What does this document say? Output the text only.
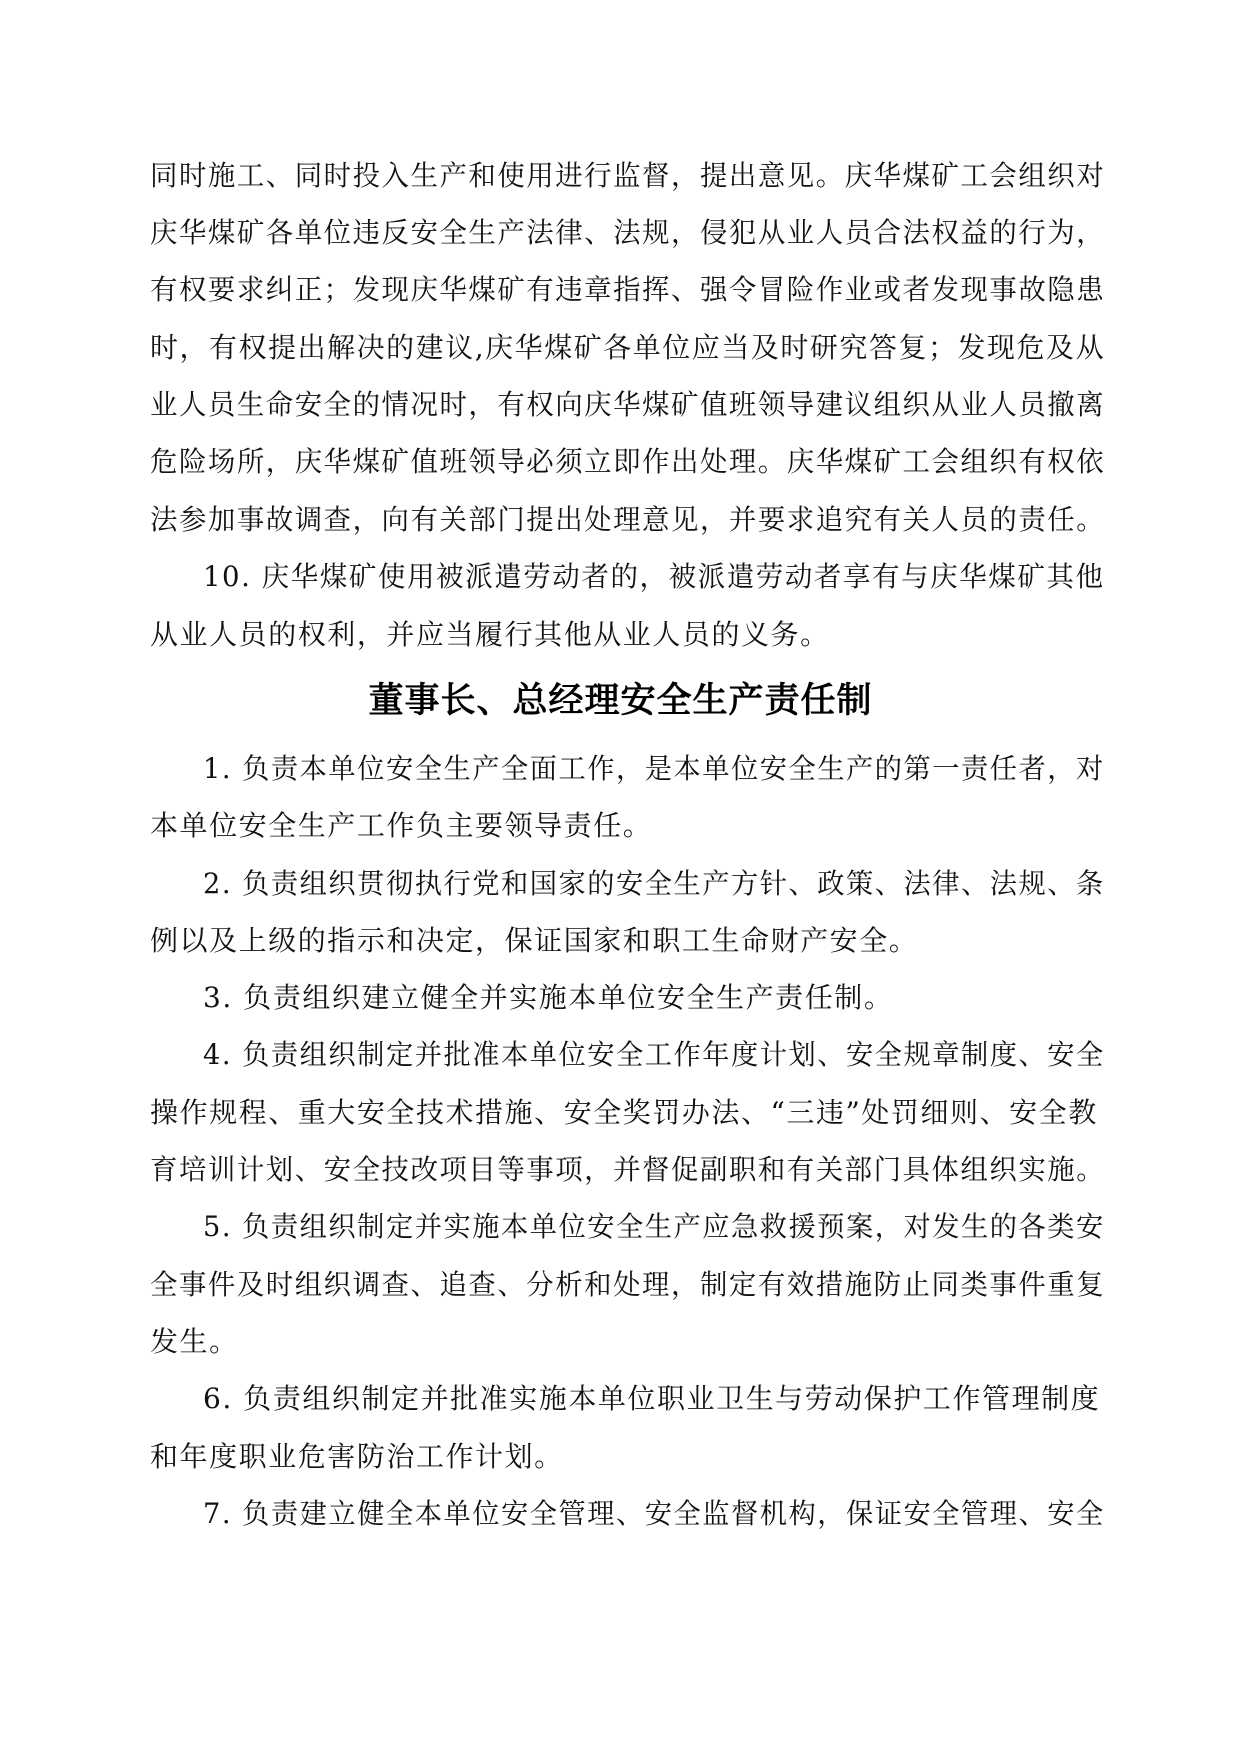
同时施工、同时投入生产和使用进行监督，提出意见。庆华煤矿工会组织对
庆华煤矿各单位违反安全生产法律、法规，侵犯从业人员合法权益的行为，
有权要求纠正；发现庆华煤矿有违章指挥、强令冒险作业或者发现事故隐患
时，有权提出解决的建议,庆华煤矿各单位应当及时研究答复；发现危及从
业人员生命安全的情况时，有权向庆华煤矿值班领导建议组织从业人员撤离
危险场所，庆华煤矿值班领导必须立即作出处理。庆华煤矿工会组织有权依
法参加事故调查，向有关部门提出处理意见，并要求追究有关人员的责任。
10. 庆华煤矿使用被派遣劳动者的，被派遣劳动者享有与庆华煤矿其他
从业人员的权利，并应当履行其他从业人员的义务。
董事长、总经理安全生产责任制
1. 负责本单位安全生产全面工作，是本单位安全生产的第一责任者，对
本单位安全生产工作负主要领导责任。
2. 负责组织贯彻执行党和国家的安全生产方针、政策、法律、法规、条
例以及上级的指示和决定，保证国家和职工生命财产安全。
3. 负责组织建立健全并实施本单位安全生产责任制。
4. 负责组织制定并批准本单位安全工作年度计划、安全规章制度、安全
操作规程、重大安全技术措施、安全奖罚办法、“三违”处罚细则、安全教
育培训计划、安全技改项目等事项，并督促副职和有关部门具体组织实施。
5. 负责组织制定并实施本单位安全生产应急救援预案，对发生的各类安
全事件及时组织调查、追查、分析和处理，制定有效措施防止同类事件重复
发生。
6. 负责组织制定并批准实施本单位职业卫生与劳动保护工作管理制度
和年度职业危害防治工作计划。
7. 负责建立健全本单位安全管理、安全监督机构，保证安全管理、安全
